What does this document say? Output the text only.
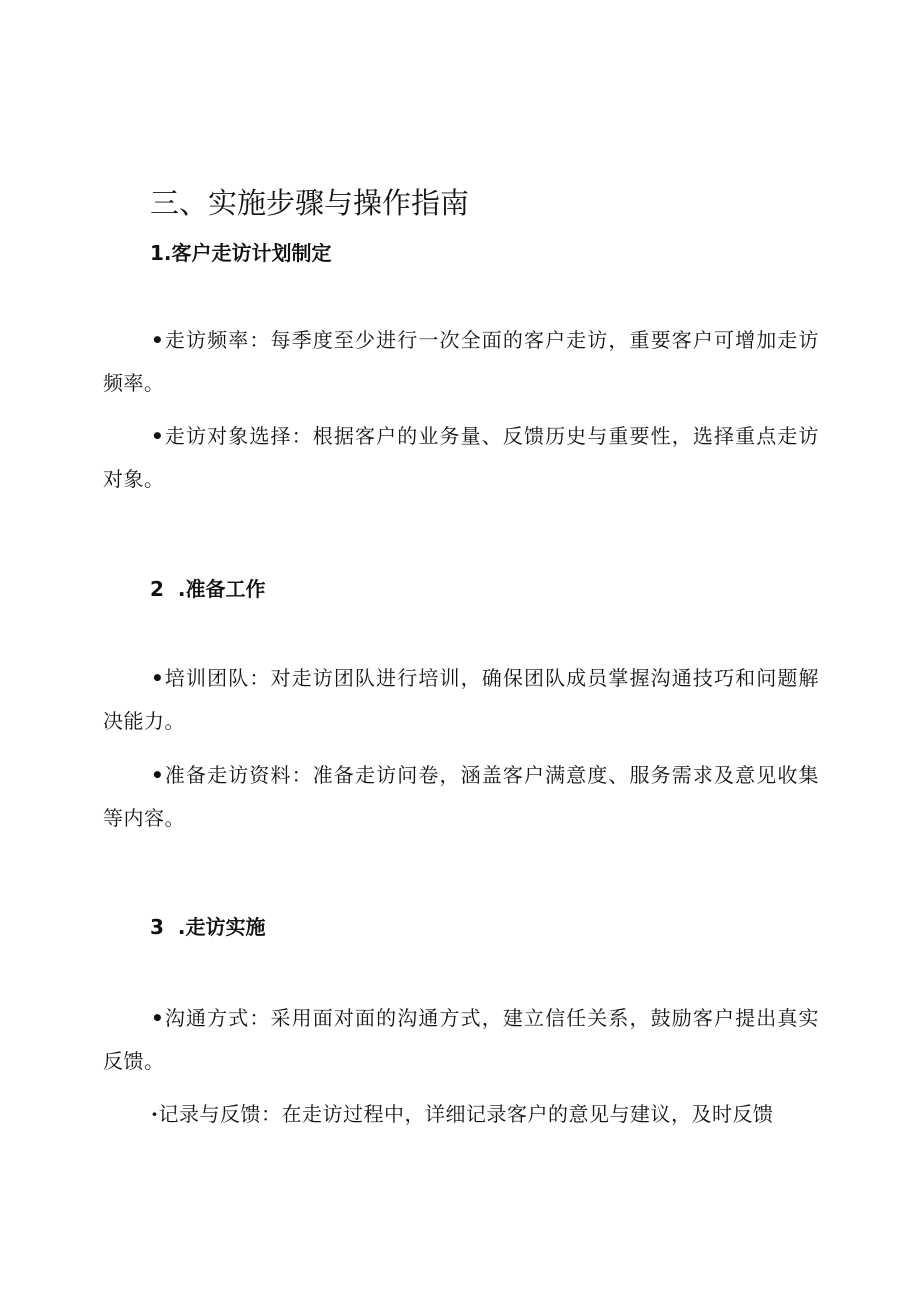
三、实施步骤与操作指南
1.客户走访计划制定
•走访频率：每季度至少进行一次全面的客户走访，重要客户可增加走访频率。
•走访对象选择：根据客户的业务量、反馈历史与重要性，选择重点走访对象。
2 .准备工作
•培训团队：对走访团队进行培训，确保团队成员掌握沟通技巧和问题解决能力。
•准备走访资料：准备走访问卷，涵盖客户满意度、服务需求及意见收集等内容。
3 .走访实施
•沟通方式：采用面对面的沟通方式，建立信任关系，鼓励客户提出真实反馈。
·记录与反馈：在走访过程中，详细记录客户的意见与建议，及时反馈
